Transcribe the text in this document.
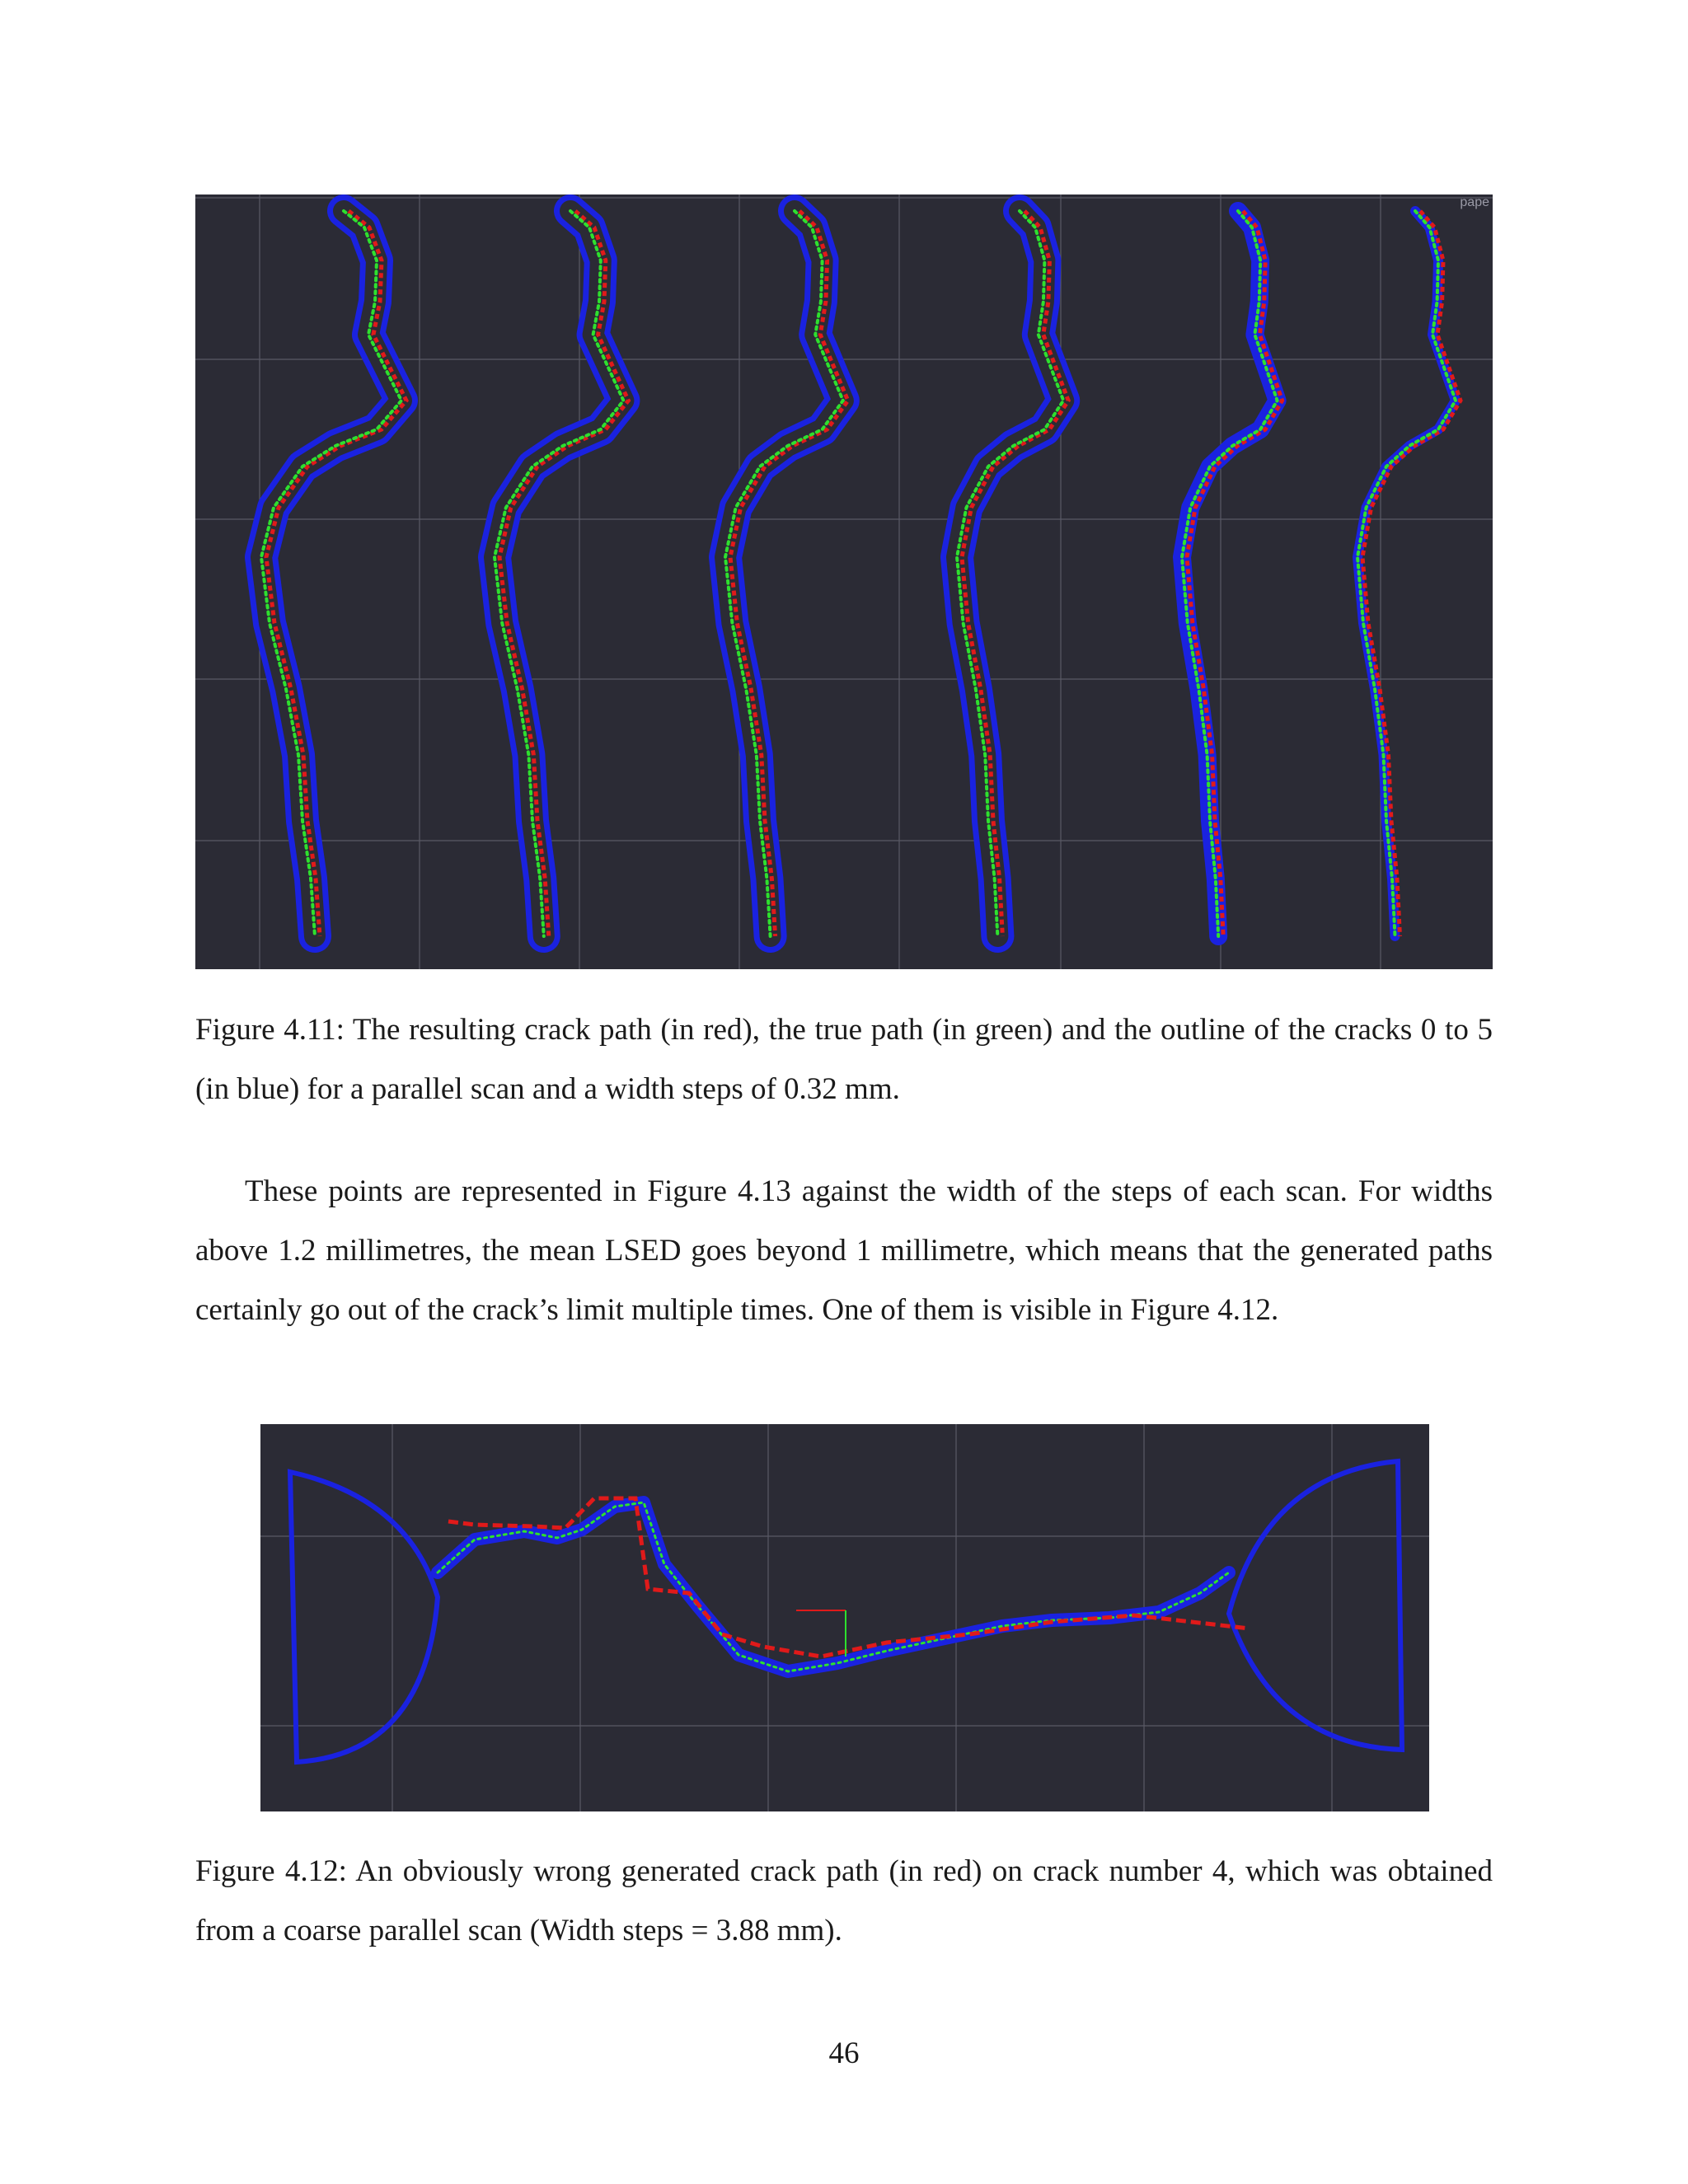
pape
Figure 4.11: The resulting crack path (in red), the true path (in green) and the outline of the cracks 0 to 5 (in blue) for a parallel scan and a width steps of 0.32 mm.
These points are represented in Figure 4.13 against the width of the steps of each scan. For widths above 1.2 millimetres, the mean LSED goes beyond 1 millimetre, which means that the generated paths certainly go out of the crack’s limit multiple times. One of them is visible in Figure 4.12.
Figure 4.12: An obviously wrong generated crack path (in red) on crack number 4, which was obtained from a coarse parallel scan (Width steps = 3.88 mm).
46
